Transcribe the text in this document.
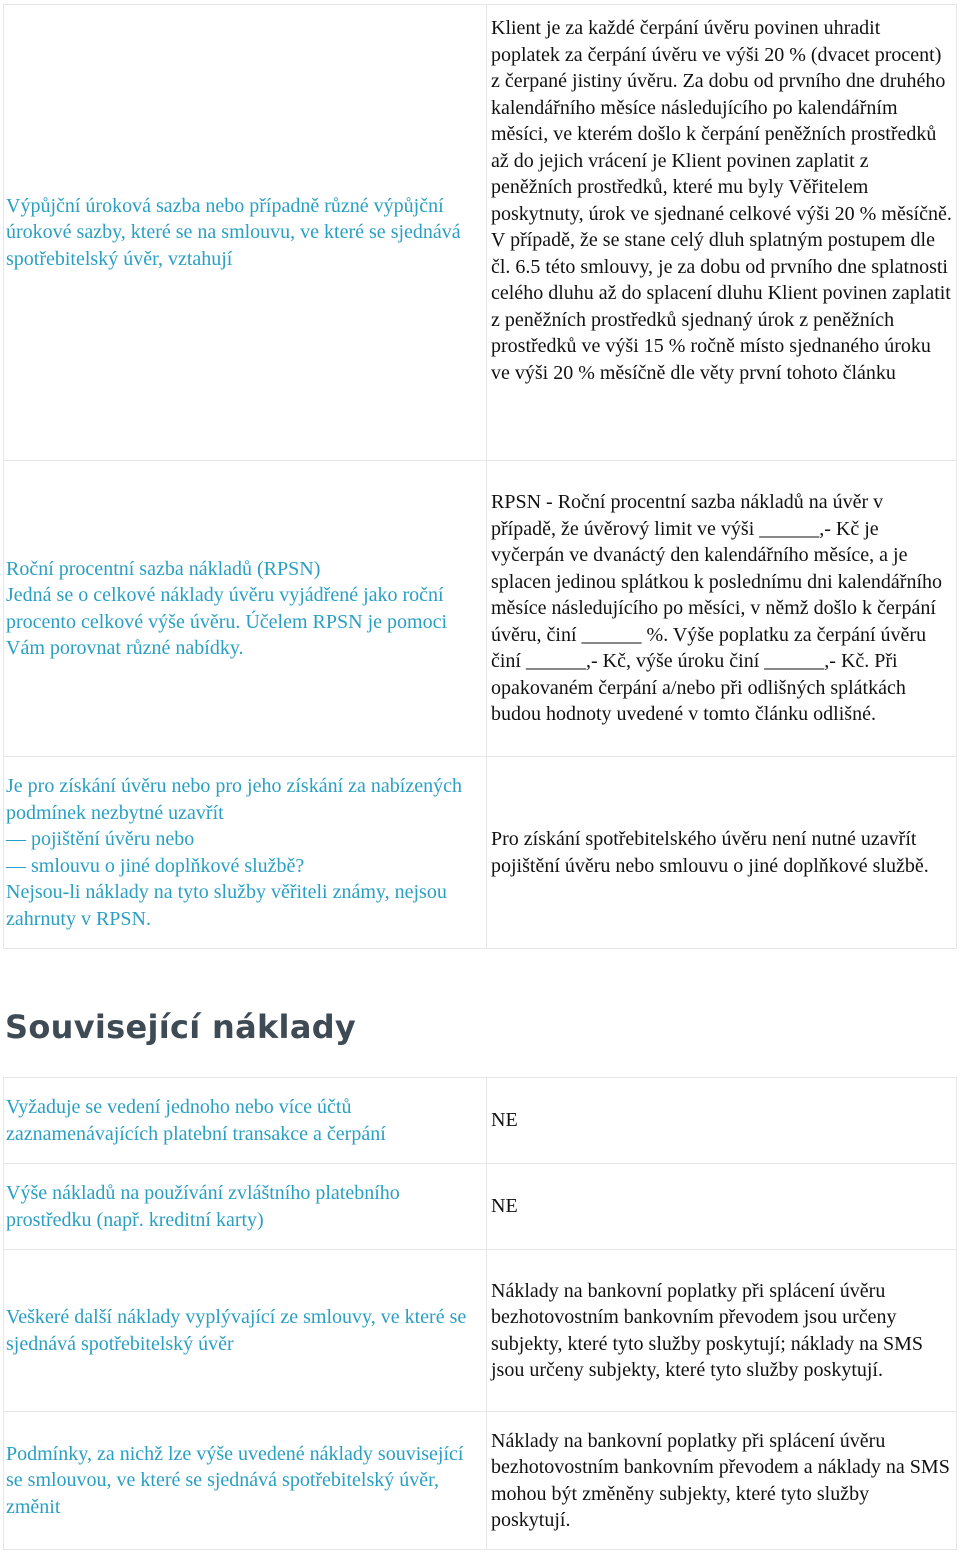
Výpůjční úroková sazba nebo případně různé výpůjční úrokové sazby, které se na smlouvu, ve které se sjednává spotřebitelský úvěr, vztahují	Klient je za každé čerpání úvěru povinen uhradit poplatek za čerpání úvěru ve výši 20 % (dvacet procent) z čerpané jistiny úvěru. Za dobu od prvního dne druhého kalendářního měsíce následujícího po kalendářním měsíci, ve kterém došlo k čerpání peněžních prostředků až do jejich vrácení je Klient povinen zaplatit z peněžních prostředků, které mu byly Věřitelem poskytnuty, úrok ve sjednané celkové výši 20 % měsíčně. V případě, že se stane celý dluh splatným postupem dle čl. 6.5 této smlouvy, je za dobu od prvního dne splatnosti celého dluhu až do splacení dluhu Klient povinen zaplatit z peněžních prostředků sjednaný úrok z peněžních prostředků ve výši 15 % ročně místo sjednaného úroku ve výši 20 % měsíčně dle věty první tohoto článku

Roční procentní sazba nákladů (RPSN)
Jedná se o celkové náklady úvěru vyjádřené jako roční procento celkové výše úvěru. Účelem RPSN je pomoci Vám porovnat různé nabídky.	RPSN - Roční procentní sazba nákladů na úvěr v případě, že úvěrový limit ve výši ______,- Kč je vyčerpán ve dvanáctý den kalendářního měsíce, a je splacen jedinou splátkou k poslednímu dni kalendářního měsíce následujícího po měsíci, v němž došlo k čerpání úvěru, činí ______ %. Výše poplatku za čerpání úvěru činí ______,- Kč, výše úroku činí ______,- Kč. Při opakovaném čerpání a/nebo při odlišných splátkách budou hodnoty uvedené v tomto článku odlišné.

Je pro získání úvěru nebo pro jeho získání za nabízených podmínek nezbytné uzavřít
— pojištění úvěru nebo
— smlouvu o jiné doplňkové službě?
Nejsou-li náklady na tyto služby věřiteli známy, nejsou zahrnuty v RPSN.	Pro získání spotřebitelského úvěru není nutné uzavřít pojištění úvěru nebo smlouvu o jiné doplňkové službě.
Související náklady
Vyžaduje se vedení jednoho nebo více účtů zaznamenávajících platební transakce a čerpání	NE
Výše nákladů na používání zvláštního platebního prostředku (např. kreditní karty)	NE
Veškeré další náklady vyplývající ze smlouvy, ve které se sjednává spotřebitelský úvěr	Náklady na bankovní poplatky při splácení úvěru bezhotovostním bankovním převodem jsou určeny subjekty, které tyto služby poskytují; náklady na SMS jsou určeny subjekty, které tyto služby poskytují.
Podmínky, za nichž lze výše uvedené náklady související se smlouvou, ve které se sjednává spotřebitelský úvěr, změnit	Náklady na bankovní poplatky při splácení úvěru bezhotovostním bankovním převodem a náklady na SMS mohou být změněny subjekty, které tyto služby poskytují.
